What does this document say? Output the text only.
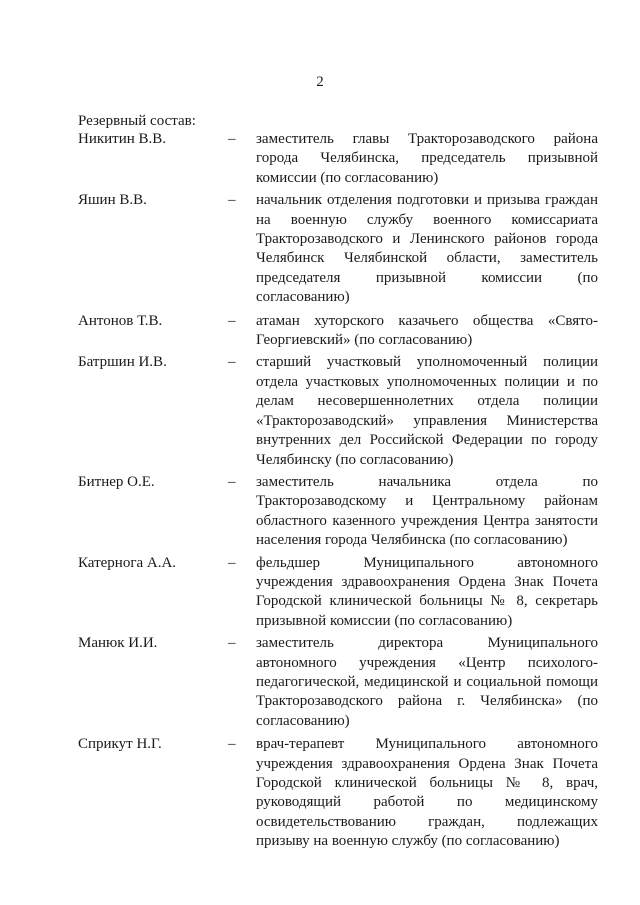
2
Резервный состав:
Никитин В.В.	–	заместитель главы Тракторозаводского района города Челябинска, председатель призывной комиссии (по согласованию)
Яшин В.В.	–	начальник отделения подготовки и призыва граждан на военную службу военного комиссариата Тракторозаводского и Ленинского районов города Челябинск Челябинской области, заместитель председателя призывной комиссии (по согласованию)
Антонов Т.В.	–	атаман хуторского казачьего общества «Свято-Георгиевский» (по согласованию)
Батршин И.В.	–	старший участковый уполномоченный полиции отдела участковых уполномоченных полиции и по делам несовершеннолетних отдела полиции «Тракторозаводский» управления Министерства внутренних дел Российской Федерации по городу Челябинску (по согласованию)
Битнер О.Е.	–	заместитель начальника отдела по Тракторозаводскому и Центральному районам областного казенного учреждения Центра занятости населения города Челябинска (по согласованию)
Катернога А.А.	–	фельдшер Муниципального автономного учреждения здравоохранения Ордена Знак Почета Городской клинической больницы № 8, секретарь призывной комиссии (по согласованию)
Манюк И.И.	–	заместитель директора Муниципального автономного учреждения «Центр психолого-педагогической, медицинской и социальной помощи Тракторозаводского района г. Челябинска» (по согласованию)
Сприкут Н.Г.	–	врач-терапевт Муниципального автономного учреждения здравоохранения Ордена Знак Почета Городской клинической больницы № 8, врач, руководящий работой по медицинскому освидетельствованию граждан, подлежащих призыву на военную службу (по согласованию)
